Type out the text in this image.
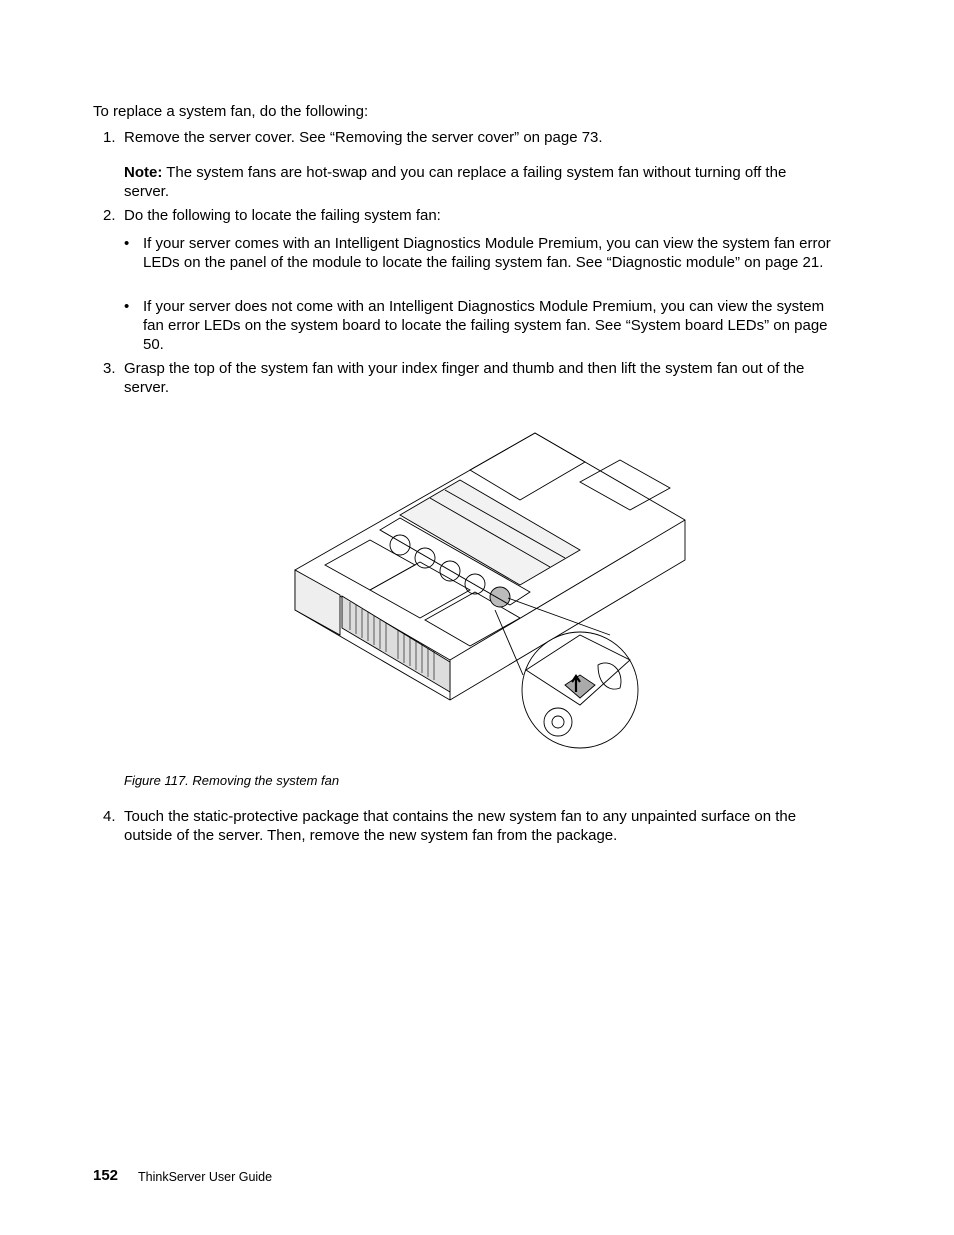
To replace a system fan, do the following:
1. Remove the server cover. See “Removing the server cover” on page 73.
Note: The system fans are hot-swap and you can replace a failing system fan without turning off the server.
2. Do the following to locate the failing system fan:
• If your server comes with an Intelligent Diagnostics Module Premium, you can view the system fan error LEDs on the panel of the module to locate the failing system fan. See “Diagnostic module” on page 21.
• If your server does not come with an Intelligent Diagnostics Module Premium, you can view the system fan error LEDs on the system board to locate the failing system fan. See “System board LEDs” on page 50.
3. Grasp the top of the system fan with your index finger and thumb and then lift the system fan out of the server.
Figure 117. Removing the system fan
4. Touch the static-protective package that contains the new system fan to any unpainted surface on the outside of the server. Then, remove the new system fan from the package.
152 ThinkServer User Guide
